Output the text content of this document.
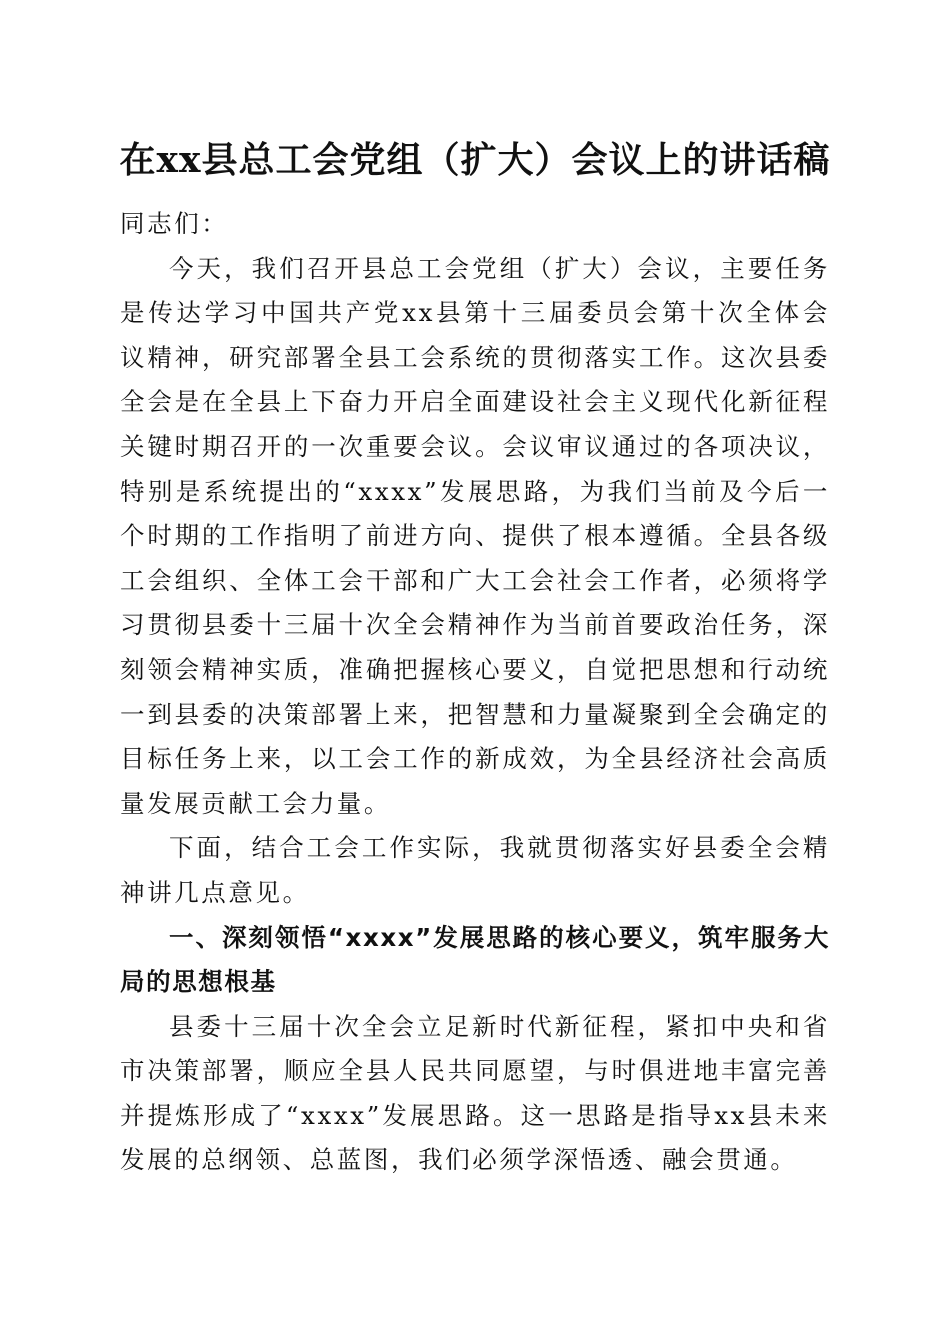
在xx县总工会党组（扩大）会议上的讲话稿

同志们：

今天，我们召开县总工会党组（扩大）会议，主要任务是传达学习中国共产党xx县第十三届委员会第十次全体会议精神，研究部署全县工会系统的贯彻落实工作。这次县委全会是在全县上下奋力开启全面建设社会主义现代化新征程关键时期召开的一次重要会议。会议审议通过的各项决议，特别是系统提出的“xxxx”发展思路，为我们当前及今后一个时期的工作指明了前进方向、提供了根本遵循。全县各级工会组织、全体工会干部和广大工会社会工作者，必须将学习贯彻县委十三届十次全会精神作为当前首要政治任务，深刻领会精神实质，准确把握核心要义，自觉把思想和行动统一到县委的决策部署上来，把智慧和力量凝聚到全会确定的目标任务上来，以工会工作的新成效，为全县经济社会高质量发展贡献工会力量。

下面，结合工会工作实际，我就贯彻落实好县委全会精神讲几点意见。

一、深刻领悟“xxxx”发展思路的核心要义，筑牢服务大局的思想根基

县委十三届十次全会立足新时代新征程，紧扣中央和省市决策部署，顺应全县人民共同愿望，与时俱进地丰富完善并提炼形成了“xxxx”发展思路。这一思路是指导xx县未来发展的总纲领、总蓝图，我们必须学深悟透、融会贯通。
